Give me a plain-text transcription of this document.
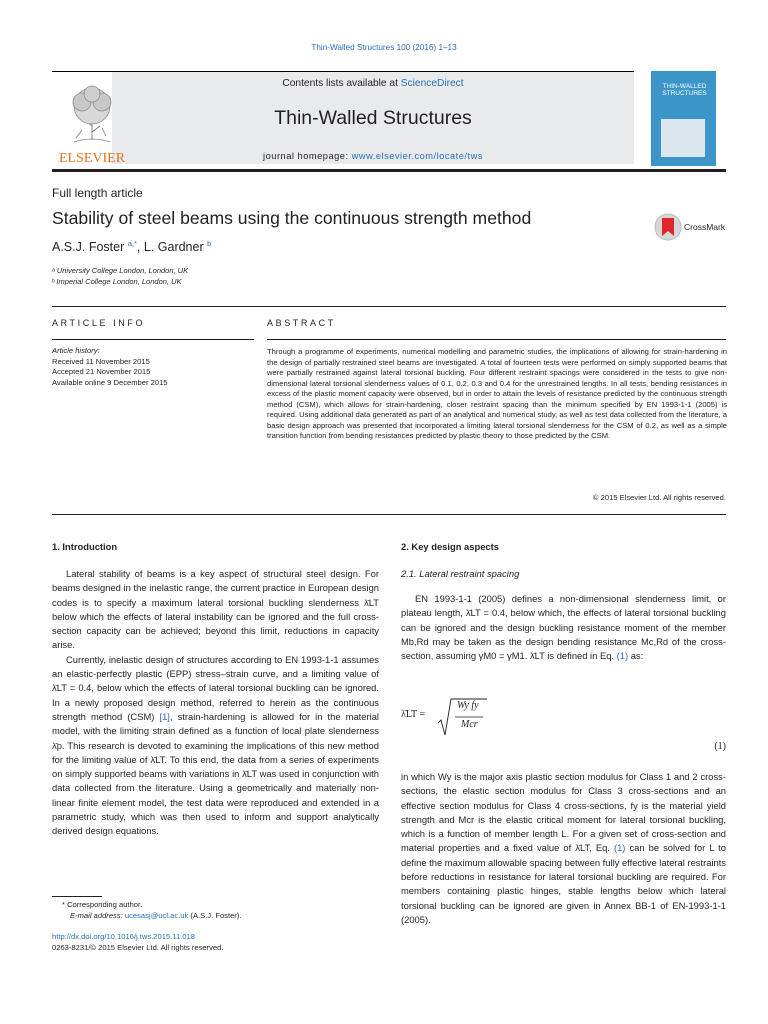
Thin-Walled Structures 100 (2016) 1–13
ELSEVIER
Contents lists available at ScienceDirect
Thin-Walled Structures
journal homepage: www.elsevier.com/locate/tws
THIN-WALLED STRUCTURES
Full length article
Stability of steel beams using the continuous strength method
A.S.J. Foster $^{a,*}$, L. Gardner $^b$
CrossMark
ᵃ University College London, London, UK
ᵇ Imperial College London, London, UK
ARTICLE INFO
Article history:
Received 11 November 2015
Accepted 21 November 2015
Available online 9 December 2015
ABSTRACT
Through a programme of experiments, numerical modelling and parametric studies, the implications of allowing for strain-hardening in the design of partially restrained steel beams are investigated. A total of fourteen tests were performed on simply supported beams that were partially restrained against lateral torsional buckling. Four different restraint spacings were considered in the tests to give non-dimensional lateral torsional slenderness values of 0.1, 0.2, 0.3 and 0.4 for the unrestrained lengths. In all tests, bending resistances in excess of the plastic moment capacity were observed, but in order to attain the levels of resistance predicted by the continuous strength method (CSM), which allows for strain-hardening, closer restraint spacing than the minimum specified by EN 1993-1-1 (2005) is required. Using additional data generated as part of an analytical and numerical study, as well as test data collected from the literature, a basic design approach was presented that incorporated a limiting lateral torsional slenderness for the CSM of 0.2, as well as a simple transition function from bending resistances predicted by plastic theory to those predicted by the CSM.
© 2015 Elsevier Ltd. All rights reserved.
1. Introduction

Lateral stability of beams is a key aspect of structural steel design. For beams designed in the inelastic range, the current practice in European design codes is to specify a maximum lateral torsional buckling slenderness λ̄LT below which the effects of lateral instability can be ignored and the full cross-section capacity can be achieved; beyond this limit, reductions in capacity arise.

Currently, inelastic design of structures according to EN 1993-1-1 assumes an elastic-perfectly plastic (EPP) stress–strain curve, and a limiting value of λ̄LT = 0.4, below which the effects of lateral torsional buckling can be ignored. In a newly proposed design method, referred to herein as the continuous strength method (CSM) [1], strain-hardening is allowed for in the material model, with the limiting strain defined as a function of local plate slenderness λ̄p. This research is devoted to examining the implications of this new method for the limiting value of λ̄LT. To this end, the data from a series of experiments on simply supported beams with variations in λ̄LT was used in conjunction with data collected from the literature. Using a geometrically and materially non-linear finite element model, the test data were reproduced and extended in a parametric study, which was then used to inform and support analytically derived design equations.

* Corresponding author.
E-mail address: ucesasj@ucl.ac.uk (A.S.J. Foster).
http://dx.doi.org/10.1016/j.tws.2015.11.018
0263-8231/© 2015 Elsevier Ltd. All rights reserved.
2. Key design aspects
2.1. Lateral restraint spacing

EN 1993-1-1 (2005) defines a non-dimensional slenderness limit, or plateau length, λ̄LT = 0.4, below which, the effects of lateral torsional buckling can be ignored and the design buckling resistance moment of the member Mb,Rd may be taken as the design bending resistance Mc,Rd of the cross-section, assuming γM0 = γM1. λ̄LT is defined in Eq. (1) as:

λ̄LT =
Wy fy
Mcr
(1)

in which Wy is the major axis plastic section modulus for Class 1 and 2 cross-sections, the elastic section modulus for Class 3 cross-sections and an effective section modulus for Class 4 cross-sections, fy is the material yield strength and Mcr is the elastic critical moment for lateral torsional buckling, which is a function of member length L. For a given set of cross-section and material properties and a fixed value of λ̄LT, Eq. (1) can be solved for L to define the maximum allowable spacing between fully effective lateral restraints before reductions in resistance for lateral torsional buckling are required. For members containing plastic hinges, stable lengths below which lateral torsional buckling can be ignored are given in Annex BB-1 of EN-1993-1-1 (2005).
